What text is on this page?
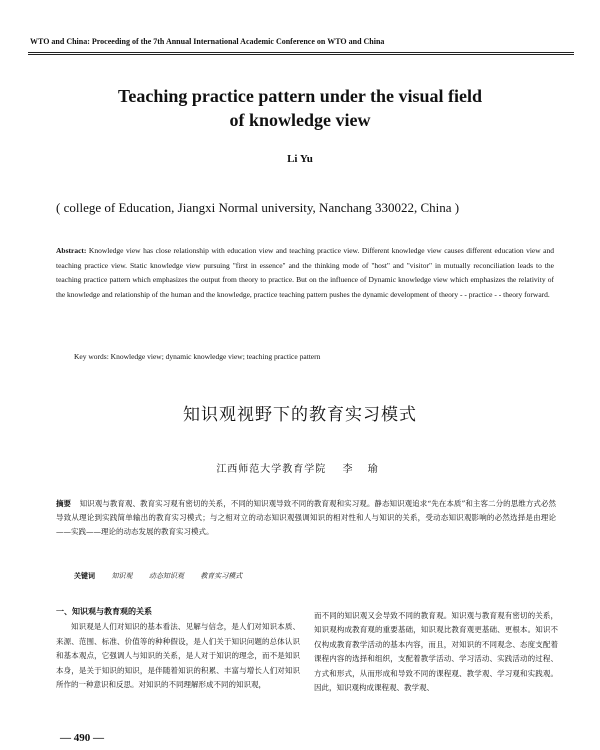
WTO and China: Proceeding of the 7th Annual International Academic Conference on WTO and China
Teaching practice pattern under the visual field
of knowledge view
Li Yu
( college of Education, Jiangxi Normal university, Nanchang 330022, China )
Abstract: Knowledge view has close relationship with education view and teaching practice view. Different knowledge view causes different education view and teaching practice view. Static knowledge view pursuing "first in essence" and the thinking mode of "host" and "visitor" in mutually reconciliation leads to the teaching practice pattern which emphasizes the output from theory to practice. But on the influence of Dynamic knowledge view which emphasizes the relativity of the knowledge and relationship of the human and the knowledge, practice teaching pattern pushes the dynamic development of theory - - practice - - theory forward.
Key words: Knowledge view; dynamic knowledge view; teaching practice pattern
知识观视野下的教育实习模式
江西师范大学教育学院 李 瑜
摘要 知识观与教育观、教育实习观有密切的关系，不同的知识观导致不同的教育观和实习观。静态知识观追求“先在本质”和主客二分的思维方式必然导致从理论到实践简单输出的教育实习模式；与之相对立的动态知识观强调知识的相对性和人与知识的关系，受动态知识观影响的必然选择是由理论——实践——理论的动态发展的教育实习模式。
关键词 知识观 动态知识观 教育实习模式

一、知识观与教育观的关系

知识观是人们对知识的基本看法、见解与信念，是人们对知识本质、来源、范围、标准、价值等的种种假设，是人们关于知识问题的总体认识和基本观点，它强调人与知识的关系，是人对于知识的理念，而不是知识本身，是关于知识的知识，是伴随着知识的积累、丰富与增长人们对知识所作的一种意识和反思。对知识的不同理解形成不同的知识观，

而不同的知识观又会导致不同的教育观。知识观与教育观有密切的关系，知识观构成教育观的重要基础，知识观比教育观更基础、更根本。知识不仅构成教育教学活动的基本内容，而且，对知识的不同观念、态度支配着课程内容的选择和组织，支配着教学活动、学习活动、实践活动的过程、方式和形式，从而形成和导致不同的课程观、教学观、学习观和实践观。因此，知识观构成课程观、教学观、

— 490 —
